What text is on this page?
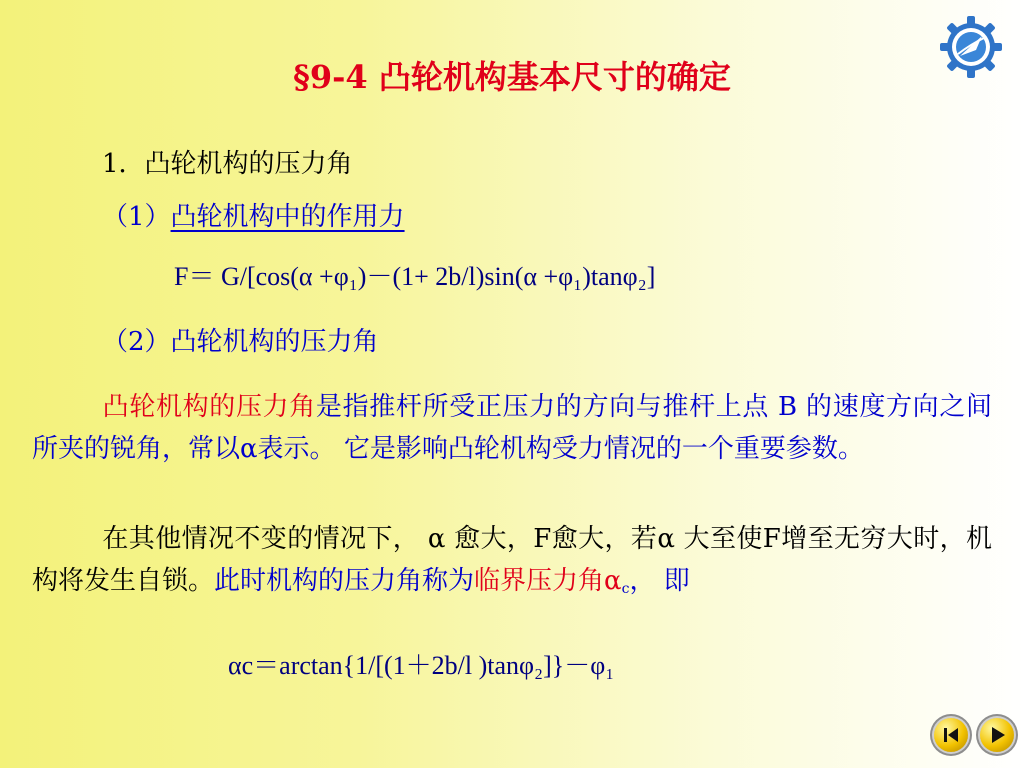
§9-4 凸轮机构基本尺寸的确定
1．凸轮机构的压力角
（1）凸轮机构中的作用力
F＝ G/[cos(α +φ₁)－(1+ 2b/l)sin(α +φ₁)tanφ₂]
（2）凸轮机构的压力角
凸轮机构的压力角是指推杆所受正压力的方向与推杆上点 B 的速度方向之间所夹的锐角，常以α表示。 它是影响凸轮机构受力情况的一个重要参数。
在其他情况不变的情况下， α 愈大，F愈大，若α 大至使F增至无穷大时，机构将发生自锁。此时机构的压力角称为临界压力角$\alpha_c$， 即
αc＝arctan{1/[(1＋2b/l )tanφ₂]}－φ₁
